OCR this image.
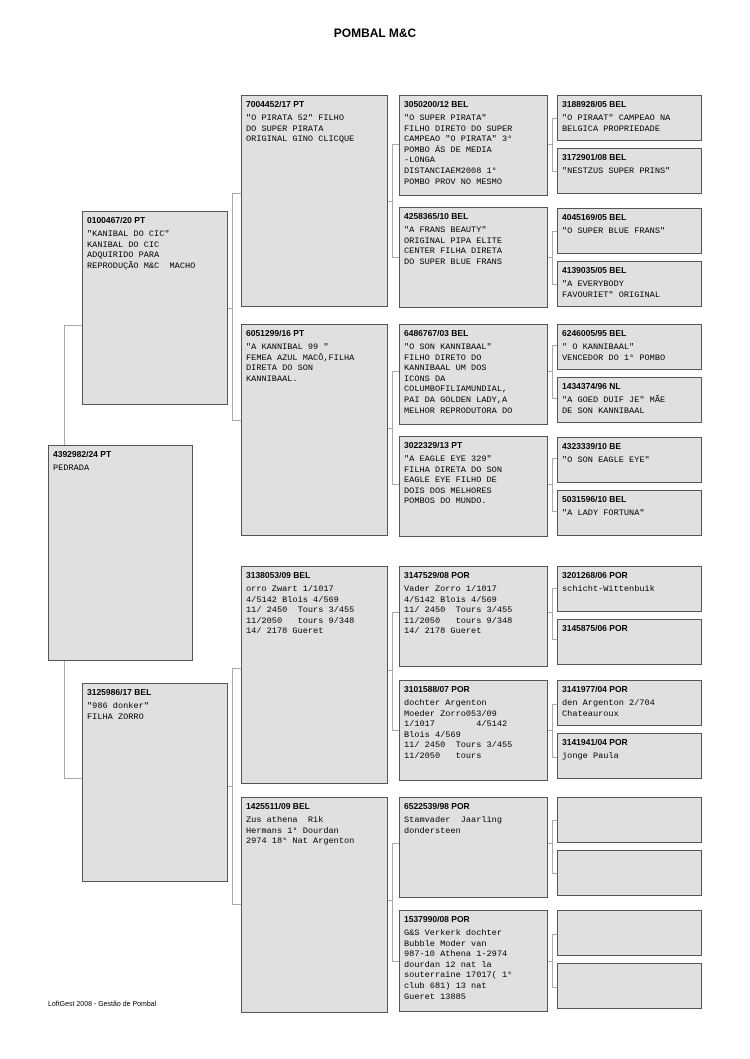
POMBAL M&C
4392982/24 PT
PEDRADA
0100467/20 PT
"KANIBAL DO CIC"
KANIBAL DO CIC
ADQUIRIDO PARA
REPRODUÇÃO M&C  MACHO
3125986/17 BEL
"986 donker"
FILHA ZORRO
7004452/17 PT
"O PIRATA 52" FILHO
DO SUPER PIRATA
ORIGINAL GINO CLICQUE
6051299/16 PT
"A KANNIBAL 99 "
FEMEA AZUL MACÔ,FILHA
DIRETA DO SON
KANNIBAAL.
3138053/09 BEL
orro Zwart 1/1017
4/5142 Blois 4/569
11/ 2450  Tours 3/455
11/2050   tours 9/348
14/ 2178 Gueret
1425511/09 BEL
Zus athena  Rik
Hermans 1° Dourdan
2974 18° Nat Argenton
3050200/12 BEL
"O SUPER PIRATA"
FILHO DIRETO DO SUPER
CAMPEAO "O PIRATA" 3°
POMBO ÁS DE MEDIA
-LONGA
DISTANCIAEM2008 1°
POMBO PROV NO MESMO
4258365/10 BEL
"A FRANS BEAUTY"
ORIGINAL PIPA ELITE
CENTER FILHA DIRETA
DO SUPER BLUE FRANS
6486767/03 BEL
"O SON KANNIBAAL"
FILHO DIRETO DO
KANNIBAAL UM DOS
ICONS DA
COLUMBOFILIAMUNDIAL,
PAI DA GOLDEN LADY,A
MELHOR REPRODUTORA DO
3022329/13 PT
"A EAGLE EYE 329"
FILHA DIRETA DO SON
EAGLE EYE FILHO DE
DOIS DOS MELHORES
POMBOS DO MUNDO.
3147529/08 POR
Vader Zorro 1/1017
4/5142 Blois 4/569
11/ 2450  Tours 3/455
11/2050   tours 9/348
14/ 2178 Gueret
3101588/07 POR
dochter Argenton
Moeder Zorro053/09
1/1017        4/5142
Blois 4/569
11/ 2450  Tours 3/455
11/2050   tours
6522539/98 POR
Stamvader  Jaarling
dondersteen
1537990/08 POR
G&S Verkerk dochter
Bubble Moder van
987-10 Athena 1-2974
dourdan 12 nat la
souterraine 17017( 1°
club 681) 13 nat
Gueret 13885
3188928/05 BEL
"O PIRAAT" CAMPEAO NA
BELGICA PROPRIEDADE
3172901/08 BEL
"NESTZUS SUPER PRINS"
4045169/05 BEL
"O SUPER BLUE FRANS"
4139035/05 BEL
"A EVERYBODY
FAVOURIET" ORIGINAL
6246005/95 BEL
" O KANNIBAAL"
VENCEDOR DO 1° POMBO
1434374/96 NL
"A GOED DUIF JE" MÃE
DE SON KANNIBAAL
4323339/10 BE
"O SON EAGLE EYE"
5031596/10 BEL
"A LADY FORTUNA"
3201268/06 POR
schicht-Wittenbuik
3145875/06 POR
3141977/04 POR
den Argenton 2/704
Chateauroux
3141941/04 POR
jonge Paula
LoftGest 2008 - Gestão de Pombal
